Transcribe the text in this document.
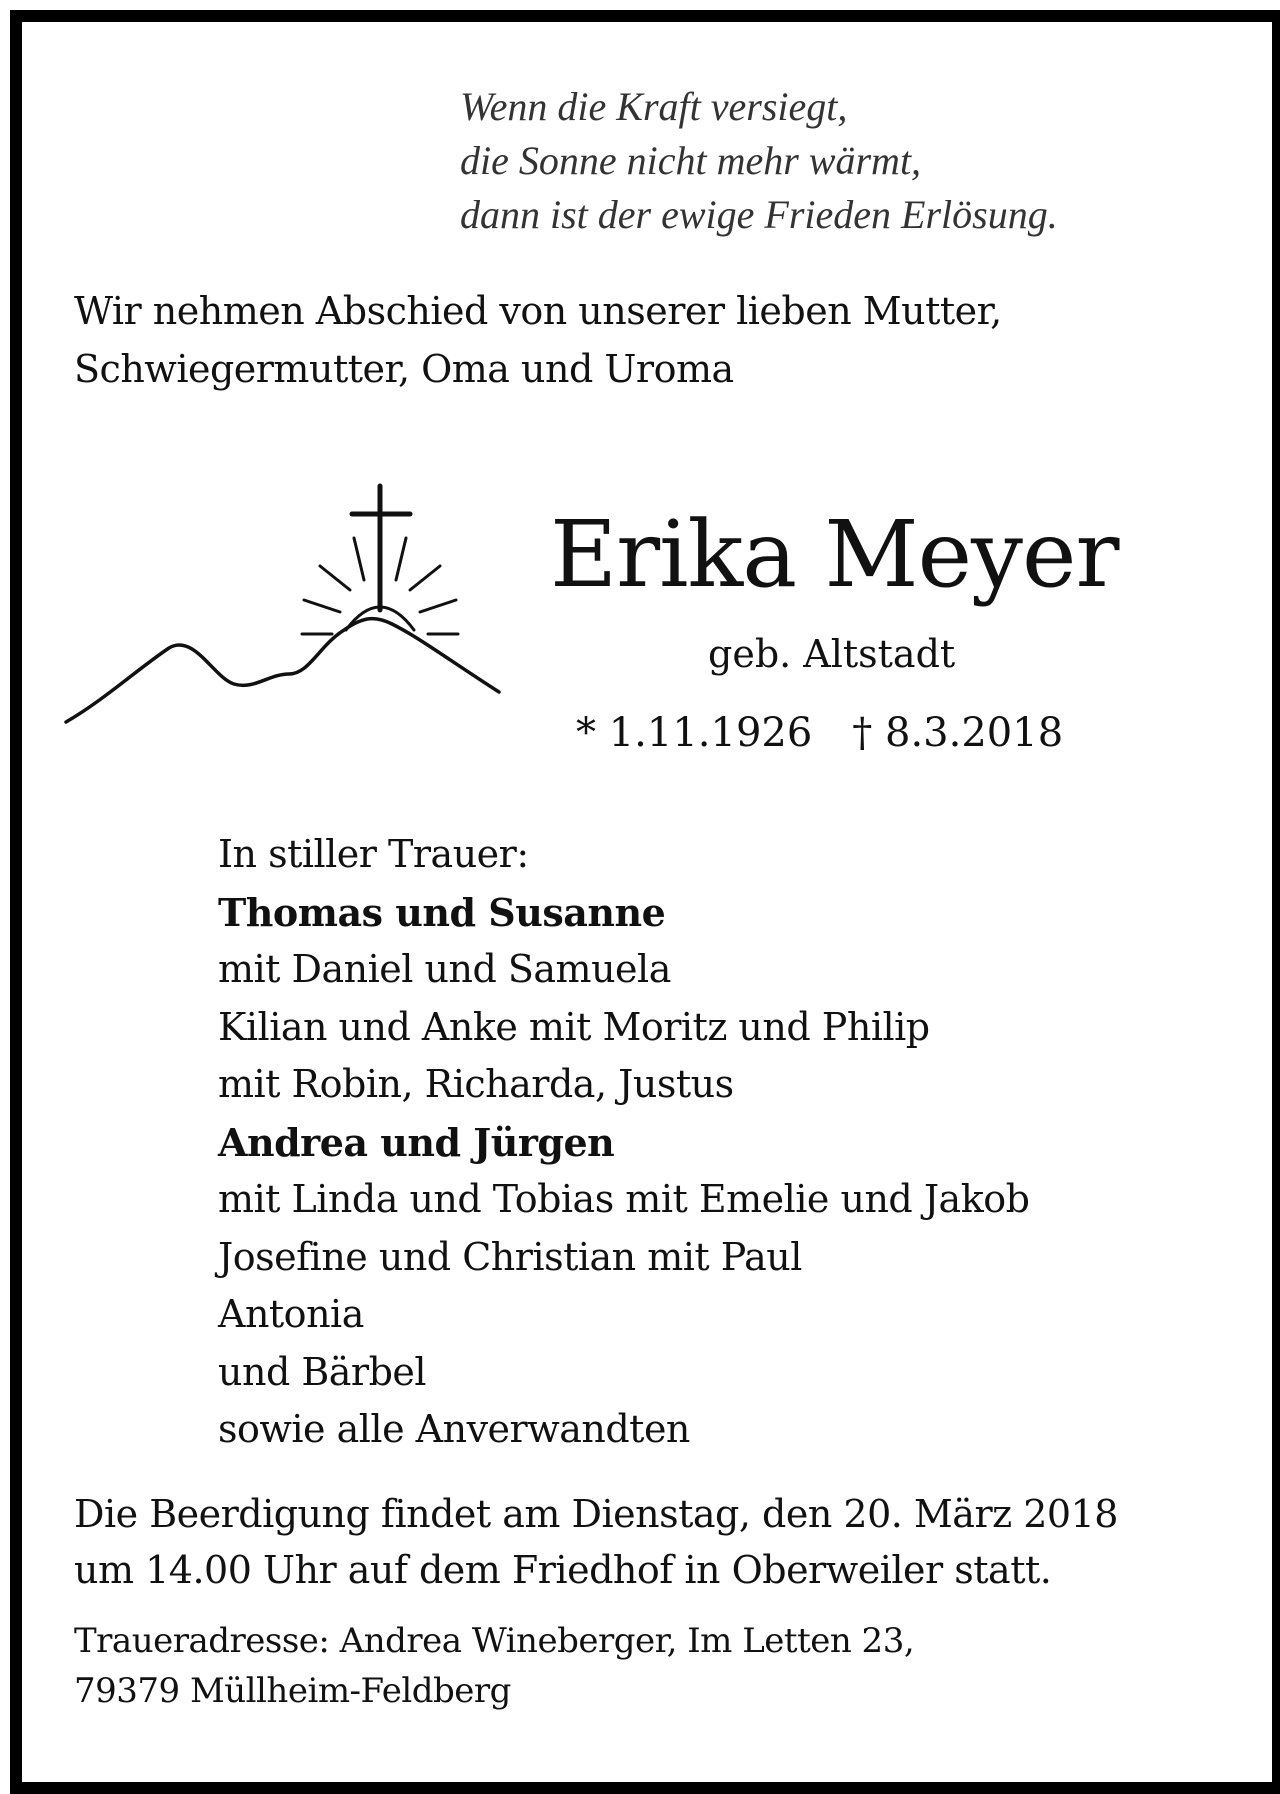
Wenn die Kraft versiegt,
die Sonne nicht mehr wärmt,
dann ist der ewige Frieden Erlösung.
Wir nehmen Abschied von unserer lieben Mutter,
Schwiegermutter, Oma und Uroma
Erika Meyer
geb. Altstadt
* 1.11.1926 † 8.3.2018
In stiller Trauer:
Thomas und Susanne
mit Daniel und Samuela
Kilian und Anke mit Moritz und Philip
mit Robin, Richarda, Justus
Andrea und Jürgen
mit Linda und Tobias mit Emelie und Jakob
Josefine und Christian mit Paul
Antonia
und Bärbel
sowie alle Anverwandten
Die Beerdigung findet am Dienstag, den 20. März 2018
um 14.00 Uhr auf dem Friedhof in Oberweiler statt.
Traueradresse: Andrea Wineberger, Im Letten 23,
79379 Müllheim-Feldberg
